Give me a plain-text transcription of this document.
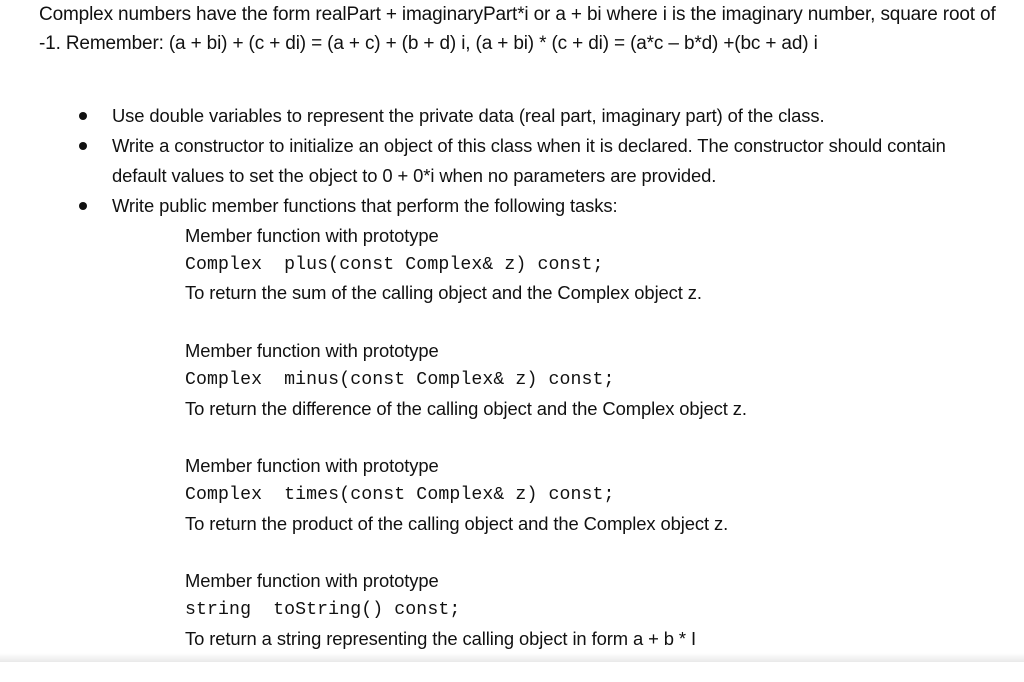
Complex numbers have the form realPart + imaginaryPart*i or a + bi where i is the imaginary number, square root of -1. Remember: (a + bi) + (c + di) = (a + c) + (b + d) i, (a + bi) * (c + di) = (a*c – b*d) +(bc + ad) i
Use double variables to represent the private data (real part, imaginary part) of the class.
Write a constructor to initialize an object of this class when it is declared. The constructor should contain default values to set the object to 0 + 0*i when no parameters are provided.
Write public member functions that perform the following tasks:
Member function with prototype
Complex  plus(const Complex& z) const;
To return the sum of the calling object and the Complex object z.
Member function with prototype
Complex  minus(const Complex& z) const;
To return the difference of the calling object and the Complex object z.
Member function with prototype
Complex  times(const Complex& z) const;
To return the product of the calling object and the Complex object z.
Member function with prototype
string  toString() const;
To return a string representing the calling object in form a + b * I
